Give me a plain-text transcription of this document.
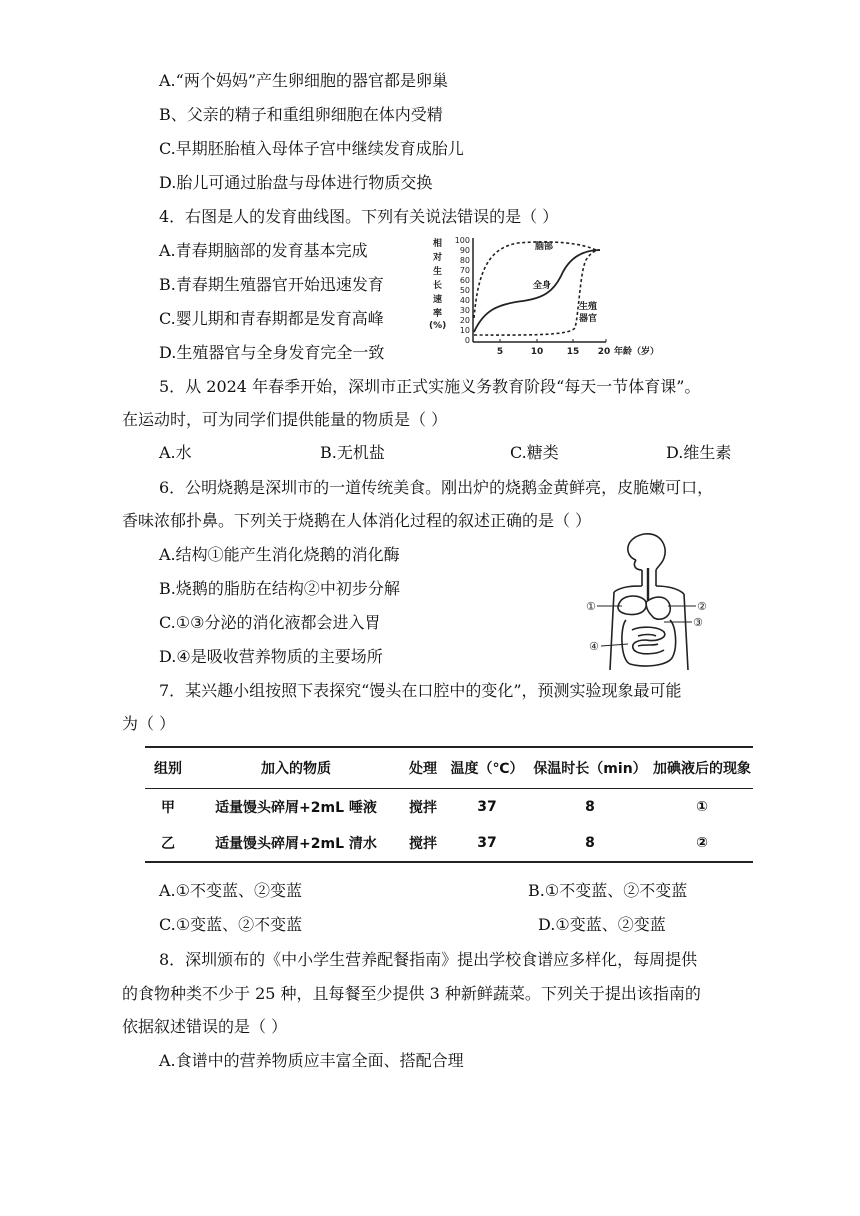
A.“两个妈妈”产生卵细胞的器官都是卵巢
B、父亲的精子和重组卵细胞在体内受精
C.早期胚胎植入母体子宫中继续发育成胎儿
D.胎儿可通过胎盘与母体进行物质交换
4．右图是人的发育曲线图。下列有关说法错误的是（ ）
A.青春期脑部的发育基本完成
B.青春期生殖器官开始迅速发育
C.婴儿期和青春期都是发育高峰
D.生殖器官与全身发育完全一致
相
对
生
长
速
率
(%)
100
90
80
70
60
50
40
30
20
10
0
5	10	15 20 年龄（岁）
脑部
全身
生殖
器官
5．从 2024 年春季开始，深圳市正式实施义务教育阶段“每天一节体育课”。
在运动时，可为同学们提供能量的物质是（ ）
A.水	B.无机盐	C.糖类	D.维生素
6．公明烧鹅是深圳市的一道传统美食。刚出炉的烧鹅金黄鲜亮，皮脆嫩可口，
香味浓郁扑鼻。下列关于烧鹅在人体消化过程的叙述正确的是（ ）
A.结构①能产生消化烧鹅的消化酶
B.烧鹅的脂肪在结构②中初步分解
C.①③分泌的消化液都会进入胃
D.④是吸收营养物质的主要场所
①	②
③
④
7．某兴趣小组按照下表探究“馒头在口腔中的变化”，预测实验现象最可能
为（ ）
组别	加入的物质	处理	温度（℃）	保温时长（min）	加碘液后的现象
甲	适量馒头碎屑+2mL 唾液	搅拌	37	8	①
乙	适量馒头碎屑+2mL 清水	搅拌	37	8	②
A.①不变蓝、②变蓝	B.①不变蓝、②不变蓝
C.①变蓝、②不变蓝	D.①变蓝、②变蓝
8．深圳颁布的《中小学生营养配餐指南》提出学校食谱应多样化，每周提供
的食物种类不少于 25 种，且每餐至少提供 3 种新鲜蔬菜。下列关于提出该指南的
依据叙述错误的是（ ）
A.食谱中的营养物质应丰富全面、搭配合理
